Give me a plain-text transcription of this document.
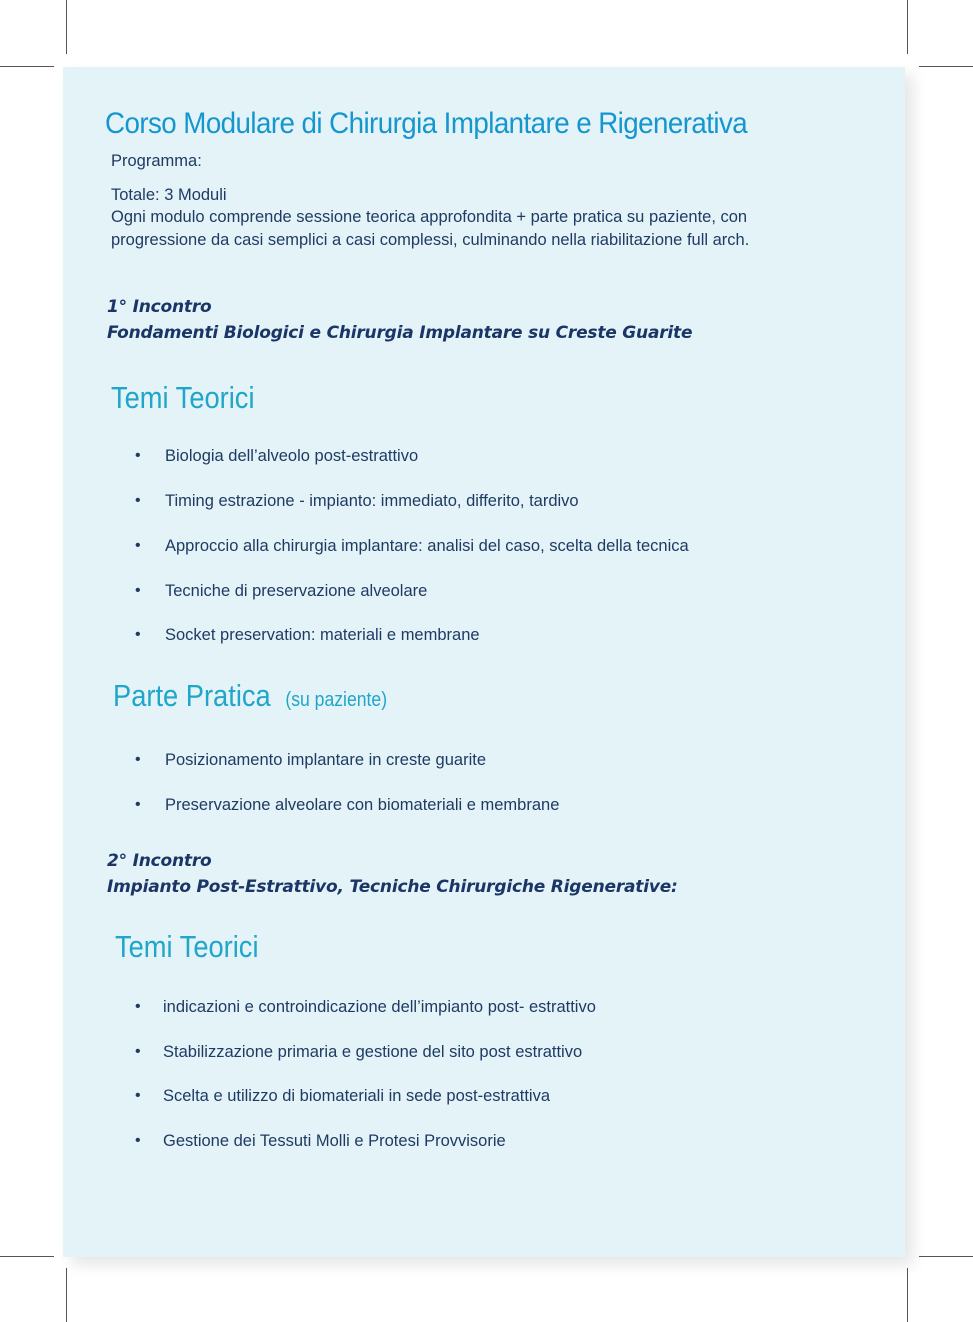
Corso Modulare di Chirurgia Implantare e Rigenerativa
Programma:
Totale: 3 Moduli
Ogni modulo comprende sessione teorica approfondita + parte pratica su paziente, con
progressione da casi semplici a casi complessi, culminando nella riabilitazione full arch.
1° Incontro
Fondamenti Biologici e Chirurgia Implantare su Creste Guarite
Temi Teorici
• Biologia dell’alveolo post-estrattivo
• Timing estrazione - impianto: immediato, differito, tardivo
• Approccio alla chirurgia implantare: analisi del caso, scelta della tecnica
• Tecniche di preservazione alveolare
• Socket preservation: materiali e membrane
Parte Pratica (su paziente)
• Posizionamento implantare in creste guarite
• Preservazione alveolare con biomateriali e membrane
2° Incontro
Impianto Post-Estrattivo, Tecniche Chirurgiche Rigenerative:
Temi Teorici
• indicazioni e controindicazione dell’impianto post- estrattivo
• Stabilizzazione primaria e gestione del sito post estrattivo
• Scelta e utilizzo di biomateriali in sede post-estrattiva
• Gestione dei Tessuti Molli e Protesi Provvisorie
